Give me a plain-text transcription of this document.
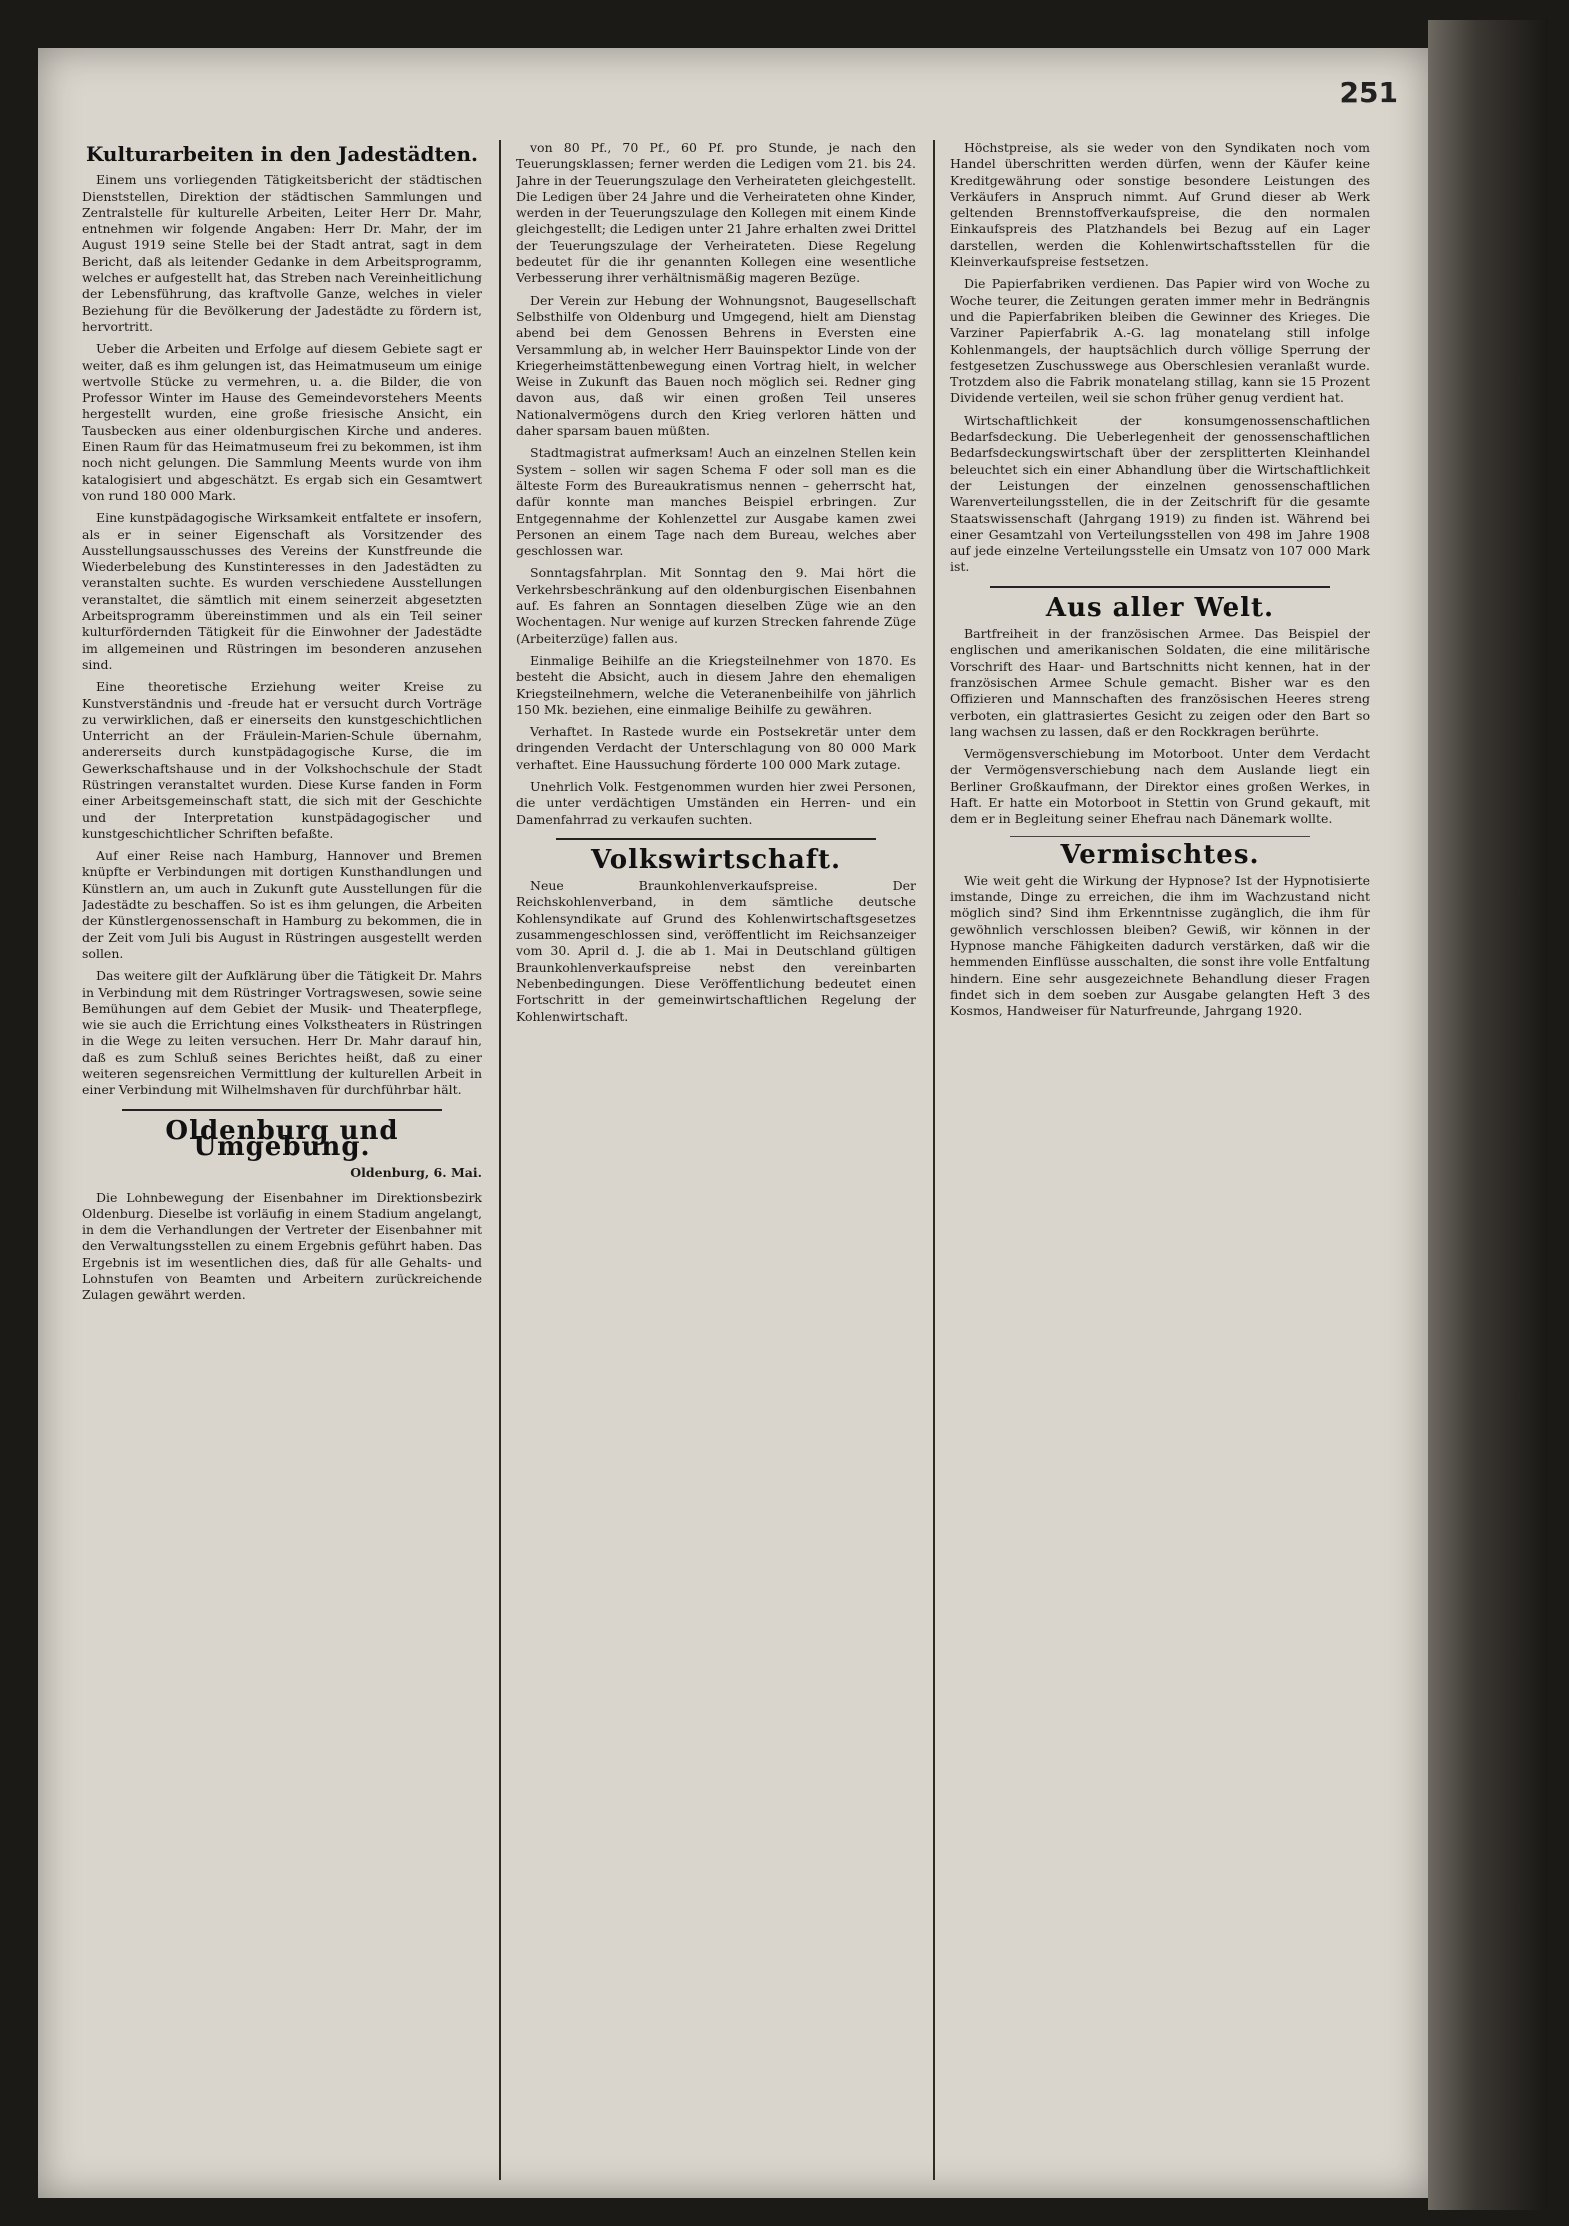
251
Kulturarbeiten in den Jadestädten.

Einem uns vorliegenden Tätigkeitsbericht der städtischen Dienststellen, Direktion der städtischen Sammlungen und Zentralstelle für kulturelle Arbeiten, Leiter Herr Dr. Mahr, entnehmen wir folgende Angaben: Herr Dr. Mahr, der im August 1919 seine Stelle bei der Stadt antrat, sagt in dem Bericht, daß als leitender Gedanke in dem Arbeitsprogramm, welches er aufgestellt hat, das Streben nach Vereinheitlichung der Lebensführung, das kraftvolle Ganze, welches in vieler Beziehung für die Bevölkerung der Jadestädte zu fördern ist, hervortritt.

Ueber die Arbeiten und Erfolge auf diesem Gebiete sagt er weiter, daß es ihm gelungen ist, das Heimatmuseum um einige wertvolle Stücke zu vermehren, u. a. die Bilder, die von Professor Winter im Hause des Gemeindevorstehers Meents hergestellt wurden, eine große friesische Ansicht, ein Tausbecken aus einer oldenburgischen Kirche und anderes. Einen Raum für das Heimatmuseum frei zu bekommen, ist ihm noch nicht gelungen. Die Sammlung Meents wurde von ihm katalogisiert und abgeschätzt. Es ergab sich ein Gesamtwert von rund 180 000 Mark.

Eine kunstpädagogische Wirksamkeit entfaltete er insofern, als er in seiner Eigenschaft als Vorsitzender des Ausstellungsausschusses des Vereins der Kunstfreunde die Wiederbelebung des Kunstinteresses in den Jadestädten zu veranstalten suchte. Es wurden verschiedene Ausstellungen veranstaltet, die sämtlich mit einem seinerzeit abgesetzten Arbeitsprogramm übereinstimmen und als ein Teil seiner kulturfördernden Tätigkeit für die Einwohner der Jadestädte im allgemeinen und Rüstringen im besonderen anzusehen sind.

Eine theoretische Erziehung weiter Kreise zu Kunstverständnis und -freude hat er versucht durch Vorträge zu verwirklichen, daß er einerseits den kunstgeschichtlichen Unterricht an der Fräulein-Marien-Schule übernahm, andererseits durch kunstpädagogische Kurse, die im Gewerkschaftshause und in der Volkshochschule der Stadt Rüstringen veranstaltet wurden. Diese Kurse fanden in Form einer Arbeitsgemeinschaft statt, die sich mit der Geschichte und der Interpretation kunstpädagogischer und kunstgeschichtlicher Schriften befaßte.

Auf einer Reise nach Hamburg, Hannover und Bremen knüpfte er Verbindungen mit dortigen Kunsthandlungen und Künstlern an, um auch in Zukunft gute Ausstellungen für die Jadestädte zu beschaffen. So ist es ihm gelungen, die Arbeiten der Künstlergenossenschaft in Hamburg zu bekommen, die in der Zeit vom Juli bis August in Rüstringen ausgestellt werden sollen.

Das weitere gilt der Aufklärung über die Tätigkeit Dr. Mahrs in Verbindung mit dem Rüstringer Vortragswesen, sowie seine Bemühungen auf dem Gebiet der Musik- und Theaterpflege, wie sie auch die Errichtung eines Volkstheaters in Rüstringen in die Wege zu leiten versuchen. Herr Dr. Mahr darauf hin, daß es zum Schluß seines Berichtes heißt, daß zu einer weiteren segensreichen Vermittlung der kulturellen Arbeit in einer Verbindung mit Wilhelmshaven für durchführbar hält.

Oldenburg und Umgebung.
Oldenburg, 6. Mai.

Die Lohnbewegung der Eisenbahner im Direktionsbezirk Oldenburg. Dieselbe ist vorläufig in einem Stadium angelangt, in dem die Verhandlungen der Vertreter der Eisenbahner mit den Verwaltungsstellen zu einem Ergebnis geführt haben. Das Ergebnis ist im wesentlichen dies, daß für alle Gehalts- und Lohnstufen von Beamten und Arbeitern zurückreichende Zulagen gewährt werden.

von 80 Pf., 70 Pf., 60 Pf. pro Stunde, je nach den Teuerungsklassen; ferner werden die Ledigen vom 21. bis 24. Jahre in der Teuerungszulage den Verheirateten gleichgestellt. Die Ledigen über 24 Jahre und die Verheirateten ohne Kinder, werden in der Teuerungszulage den Kollegen mit einem Kinde gleichgestellt; die Ledigen unter 21 Jahre erhalten zwei Drittel der Teuerungszulage der Verheirateten. Diese Regelung bedeutet für die ihr genannten Kollegen eine wesentliche Verbesserung ihrer verhältnismäßig mageren Bezüge.

Der Verein zur Hebung der Wohnungsnot, Baugesellschaft Selbsthilfe von Oldenburg und Umgegend, hielt am Dienstag abend bei dem Genossen Behrens in Eversten eine Versammlung ab, in welcher Herr Bauinspektor Linde von der Kriegerheimstättenbewegung einen Vortrag hielt, in welcher Weise in Zukunft das Bauen noch möglich sei. Redner ging davon aus, daß wir einen großen Teil unseres Nationalvermögens durch den Krieg verloren hätten und daher sparsam bauen müßten.

Stadtmagistrat aufmerksam! Auch an einzelnen Stellen kein System – sollen wir sagen Schema F oder soll man es die älteste Form des Bureaukratismus nennen – geherrscht hat, dafür konnte man manches Beispiel erbringen. Zur Entgegennahme der Kohlenzettel zur Ausgabe kamen zwei Personen an einem Tage nach dem Bureau, welches aber geschlossen war.

Sonntagsfahrplan. Mit Sonntag den 9. Mai hört die Verkehrsbeschränkung auf den oldenburgischen Eisenbahnen auf. Es fahren an Sonntagen dieselben Züge wie an den Wochentagen. Nur wenige auf kurzen Strecken fahrende Züge (Arbeiterzüge) fallen aus.

Einmalige Beihilfe an die Kriegsteilnehmer von 1870. Es besteht die Absicht, auch in diesem Jahre den ehemaligen Kriegsteilnehmern, welche die Veteranenbeihilfe von jährlich 150 Mk. beziehen, eine einmalige Beihilfe zu gewähren.

Verhaftet. In Rastede wurde ein Postsekretär unter dem dringenden Verdacht der Unterschlagung von 80 000 Mark verhaftet. Eine Haussuchung förderte 100 000 Mark zutage.

Unehrlich Volk. Festgenommen wurden hier zwei Personen, die unter verdächtigen Umständen ein Herren- und ein Damenfahrrad zu verkaufen suchten.

Volkswirtschaft.

Neue Braunkohlenverkaufspreise. Der Reichskohlenverband, in dem sämtliche deutsche Kohlensyndikate auf Grund des Kohlenwirtschaftsgesetzes zusammengeschlossen sind, veröffentlicht im Reichsanzeiger vom 30. April d. J. die ab 1. Mai in Deutschland gültigen Braunkohlenverkaufspreise nebst den vereinbarten Nebenbedingungen. Diese Veröffentlichung bedeutet einen Fortschritt in der gemeinwirtschaftlichen Regelung der Kohlenwirtschaft.

Höchstpreise, als sie weder von den Syndikaten noch vom Handel überschritten werden dürfen, wenn der Käufer keine Kreditgewährung oder sonstige besondere Leistungen des Verkäufers in Anspruch nimmt. Auf Grund dieser ab Werk geltenden Brennstoffverkaufspreise, die den normalen Einkaufspreis des Platzhandels bei Bezug auf ein Lager darstellen, werden die Kohlenwirtschaftsstellen für die Kleinverkaufspreise festsetzen.

Die Papierfabriken verdienen. Das Papier wird von Woche zu Woche teurer, die Zeitungen geraten immer mehr in Bedrängnis und die Papierfabriken bleiben die Gewinner des Krieges. Die Varziner Papierfabrik A.-G. lag monatelang still infolge Kohlenmangels, der hauptsächlich durch völlige Sperrung der festgesetzen Zuschusswege aus Oberschlesien veranlaßt wurde. Trotzdem also die Fabrik monatelang stillag, kann sie 15 Prozent Dividende verteilen, weil sie schon früher genug verdient hat.

Wirtschaftlichkeit der konsumgenossenschaftlichen Bedarfsdeckung. Die Ueberlegenheit der genossenschaftlichen Bedarfsdeckungswirtschaft über der zersplitterten Kleinhandel beleuchtet sich ein einer Abhandlung über die Wirtschaftlichkeit der Leistungen der einzelnen genossenschaftlichen Warenverteilungsstellen, die in der Zeitschrift für die gesamte Staatswissenschaft (Jahrgang 1919) zu finden ist. Während bei einer Gesamtzahl von Verteilungsstellen von 498 im Jahre 1908 auf jede einzelne Verteilungsstelle ein Umsatz von 107 000 Mark ist.

Aus aller Welt.

Bartfreiheit in der französischen Armee. Das Beispiel der englischen und amerikanischen Soldaten, die eine militärische Vorschrift des Haar- und Bartschnitts nicht kennen, hat in der französischen Armee Schule gemacht. Bisher war es den Offizieren und Mannschaften des französischen Heeres streng verboten, ein glattrasiertes Gesicht zu zeigen oder den Bart so lang wachsen zu lassen, daß er den Rockkragen berührte.

Vermögensverschiebung im Motorboot. Unter dem Verdacht der Vermögensverschiebung nach dem Auslande liegt ein Berliner Großkaufmann, der Direktor eines großen Werkes, in Haft. Er hatte ein Motorboot in Stettin von Grund gekauft, mit dem er in Begleitung seiner Ehefrau nach Dänemark wollte.

Vermischtes.

Wie weit geht die Wirkung der Hypnose? Ist der Hypnotisierte imstande, Dinge zu erreichen, die ihm im Wachzustand nicht möglich sind? Sind ihm Erkenntnisse zugänglich, die ihm für gewöhnlich verschlossen bleiben? Gewiß, wir können in der Hypnose manche Fähigkeiten dadurch verstärken, daß wir die hemmenden Einflüsse ausschalten, die sonst ihre volle Entfaltung hindern. Eine sehr ausgezeichnete Behandlung dieser Fragen findet sich in dem soeben zur Ausgabe gelangten Heft 3 des Kosmos, Handweiser für Naturfreunde, Jahrgang 1920.
